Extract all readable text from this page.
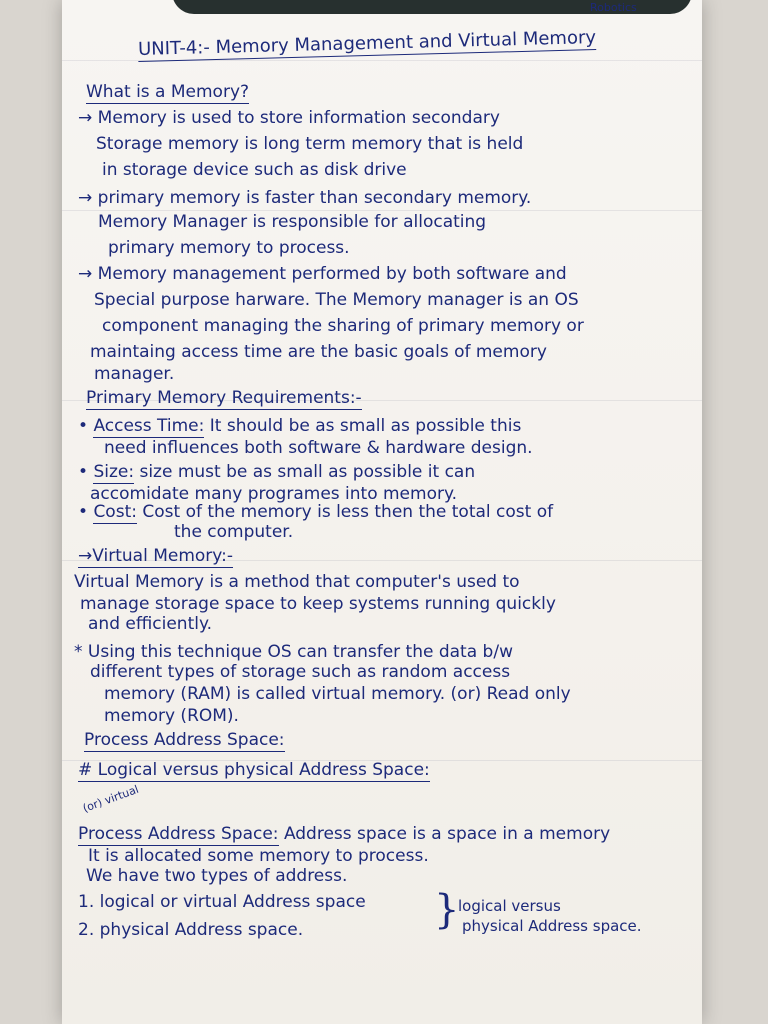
Robotics
UNIT-4:- Memory Management and Virtual Memory
What is a Memory?
→ Memory is used to store information secondary
Storage memory is long term memory that is held
in storage device such as disk drive
→ primary memory is faster than secondary memory.
Memory Manager is responsible for allocating
primary memory to process.
→ Memory management performed by both software and
Special purpose harware. The Memory manager is an OS
component managing the sharing of primary memory or
maintaing access time are the basic goals of memory
manager.
Primary Memory Requirements:-
• Access Time: It should be as small as possible this
need influences both software & hardware design.
• Size: size must be as small as possible it can
accomidate many programes into memory.
• Cost: Cost of the memory is less then the total cost of
the computer.
→Virtual Memory:-
Virtual Memory is a method that computer's used to
manage storage space to keep systems running quickly
and efficiently.
* Using this technique OS can transfer the data b/w
different types of storage such as random access
memory (RAM) is called virtual memory. (or) Read only
memory (ROM).
Process Address Space:
# Logical versus physical Address Space:
(or) virtual
Process Address Space: Address space is a space in a memory
It is allocated some memory to process.
We have two types of address.
1. logical or virtual Address space
2. physical Address space.	}
logical versus
physical Address space.
